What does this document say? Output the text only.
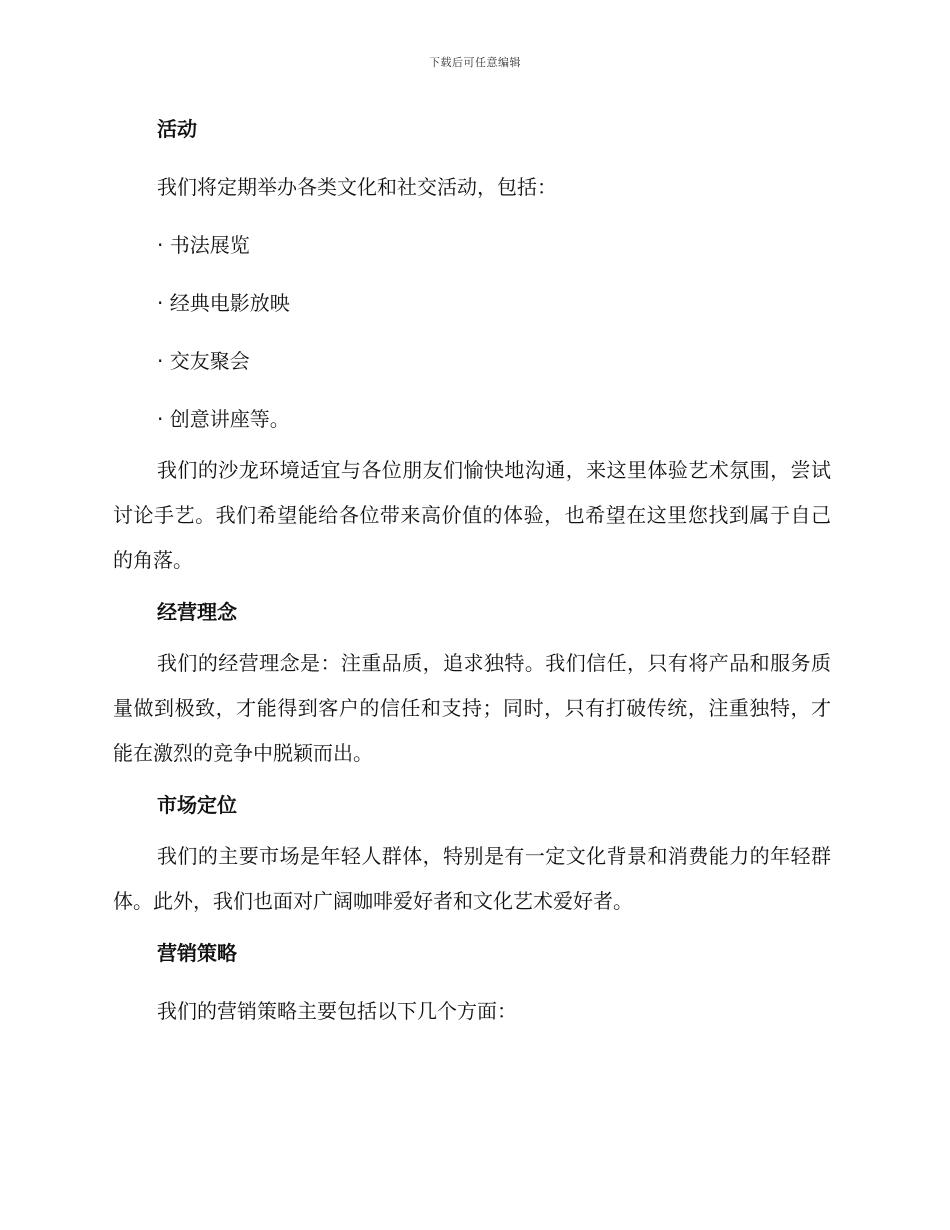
下载后可任意编辑
活动

我们将定期举办各类文化和社交活动，包括：

· 书法展览

· 经典电影放映

· 交友聚会

· 创意讲座等。

我们的沙龙环境适宜与各位朋友们愉快地沟通，来这里体验艺术氛围，尝试讨论手艺。我们希望能给各位带来高价值的体验，也希望在这里您找到属于自己的角落。

经营理念

我们的经营理念是：注重品质，追求独特。我们信任，只有将产品和服务质量做到极致，才能得到客户的信任和支持；同时，只有打破传统，注重独特，才能在激烈的竞争中脱颖而出。

市场定位

我们的主要市场是年轻人群体，特别是有一定文化背景和消费能力的年轻群体。此外，我们也面对广阔咖啡爱好者和文化艺术爱好者。

营销策略

我们的营销策略主要包括以下几个方面：
